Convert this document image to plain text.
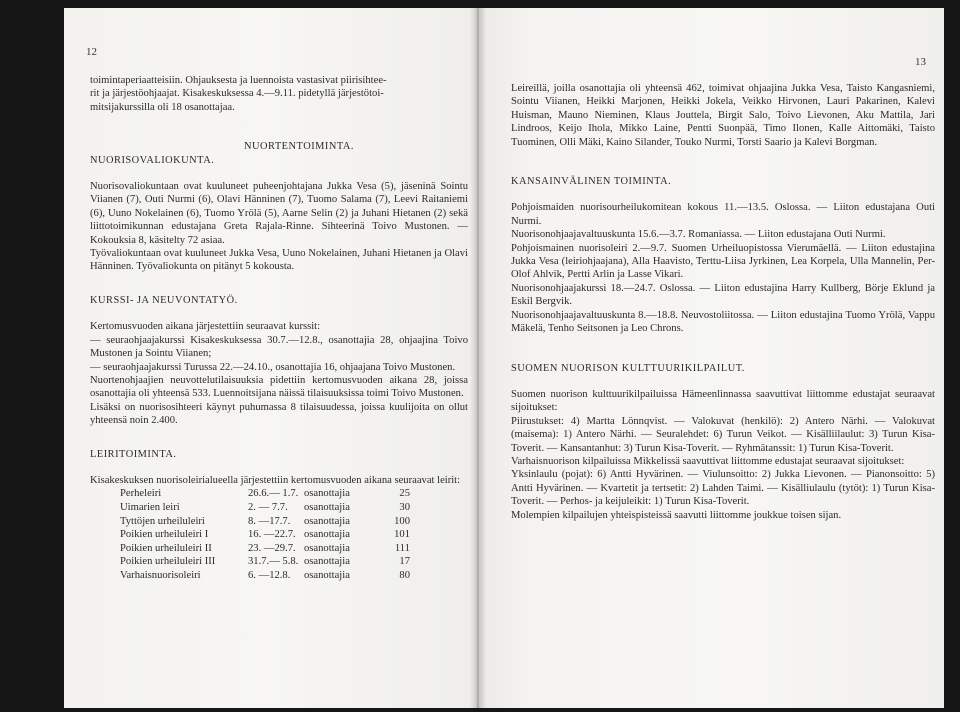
12

toimintaperiaatteisiin. Ohjauksesta ja luennoista vastasivat piirisihtee-

rit ja järjestöohjaajat. Kisakeskuksessa 4.—9.11. pidetyllä järjestötoi-

mitsijakurssilla oli 18 osanottajaa.

NUORTENTOIMINTA.
NUORISOVALIOKUNTA.

Nuorisovaliokuntaan ovat kuuluneet puheenjohtajana Jukka Vesa (5), jäseninä Sointu Viianen (7), Outi Nurmi (6), Olavi Hänninen (7), Tuomo Salama (7), Leevi Raitaniemi (6), Uuno Nokelainen (6), Tuomo Yrölä (5), Aarne Selin (2) ja Juhani Hietanen (2) sekä liittotoimikunnan edustajana Greta Rajala-Rinne. Sihteerinä Toivo Mustonen. — Kokouksia 8, käsitelty 72 asiaa.

Työvaliokuntaan ovat kuuluneet Jukka Vesa, Uuno Nokelainen, Juhani Hietanen ja Olavi Hänninen. Työvaliokunta on pitänyt 5 kokousta.

KURSSI- JA NEUVONTATYÖ.

Kertomusvuoden aikana järjestettiin seuraavat kurssit:

— seuraohjaajakurssi Kisakeskuksessa 30.7.—12.8., osanottajia 28, ohjaajina Toivo Mustonen ja Sointu Viianen;

— seuraohjaajakurssi Turussa 22.—24.10., osanottajia 16, ohjaajana Toivo Mustonen.

Nuortenohjaajien neuvottelutilaisuuksia pidettiin kertomusvuoden aikana 28, joissa osanottajia oli yhteensä 533. Luennoitsijana näissä tilaisuuksissa toimi Toivo Mustonen.

Lisäksi on nuorisosihteeri käynyt puhumassa 8 tilaisuudessa, joissa kuulijoita on ollut yhteensä noin 2.400.

LEIRITOIMINTA.

Kisakeskuksen nuorisoleirialueella järjestettiin kertomusvuoden aikana seuraavat leirit:

Perheleiri	26.6.— 1.7.	osanottajia	25
Uimarien leiri	2. — 7.7.	osanottajia	30
Tyttöjen urheiluleiri	8. —17.7.	osanottajia	100
Poikien urheiluleiri I	16. —22.7.	osanottajia	101
Poikien urheiluleiri II	23. —29.7.	osanottajia	111
Poikien urheiluleiri III	31.7.— 5.8.	osanottajia	17
Varhaisnuorisoleiri	6. —12.8.	osanottajia	80
13

Leireillä, joilla osanottajia oli yhteensä 462, toimivat ohjaajina Jukka Vesa, Taisto Kangasniemi, Sointu Viianen, Heikki Marjonen, Heikki Jokela, Veikko Hirvonen, Lauri Pakarinen, Kalevi Huisman, Mauno Nieminen, Klaus Jouttela, Birgit Salo, Toivo Lievonen, Aku Mattila, Jari Lindroos, Keijo Ihola, Mikko Laine, Pentti Suonpää, Timo Ilonen, Kalle Aittomäki, Taisto Tuominen, Olli Mäki, Kaino Silander, Touko Nurmi, Torsti Saario ja Kalevi Borgman.

KANSAINVÄLINEN TOIMINTA.

Pohjoismaiden nuorisourheilukomitean kokous 11.—13.5. Oslossa. — Liiton edustajana Outi Nurmi.

Nuorisonohjaajavaltuuskunta 15.6.—3.7. Romaniassa. — Liiton edustajana Outi Nurmi.

Pohjoismainen nuorisoleiri 2.—9.7. Suomen Urheiluopistossa Vierumäellä. — Liiton edustajina Jukka Vesa (leiriohjaajana), Alla Haavisto, Terttu-Liisa Jyrkinen, Lea Korpela, Ulla Mannelin, Per-Olof Ahlvik, Pertti Arlin ja Lasse Vikari.

Nuorisonohjaajakurssi 18.—24.7. Oslossa. — Liiton edustajina Harry Kullberg, Börje Eklund ja Eskil Bergvik.

Nuorisonohjaajavaltuuskunta 8.—18.8. Neuvostoliitossa. — Liiton edustajina Tuomo Yrölä, Vappu Mäkelä, Tenho Seitsonen ja Leo Chrons.

SUOMEN NUORISON KULTTUURIKILPAILUT.

Suomen nuorison kulttuurikilpailuissa Hämeenlinnassa saavuttivat liittomme edustajat seuraavat sijoitukset:

Piirustukset: 4) Martta Lönnqvist. — Valokuvat (henkilö): 2) Antero Närhi. — Valokuvat (maisema): 1) Antero Närhi. — Seuralehdet: 6) Turun Veikot. — Kisälliilaulut: 3) Turun Kisa-Toverit. — Kansantanhut: 3) Turun Kisa-Toverit. — Ryhmätanssit: 1) Turun Kisa-Toverit.

Varhaisnuorison kilpailuissa Mikkelissä saavuttivat liittomme edustajat seuraavat sijoitukset:

Yksinlaulu (pojat): 6) Antti Hyvärinen. — Viulunsoitto: 2) Jukka Lievonen. — Pianonsoitto: 5) Antti Hyvärinen. — Kvartetit ja tertsetit: 2) Lahden Taimi. — Kisälliulaulu (tytöt): 1) Turun Kisa-Toverit. — Perhos- ja keijuleikit: 1) Turun Kisa-Toverit.

Molempien kilpailujen yhteispisteissä saavutti liittomme joukkue toisen sijan.
